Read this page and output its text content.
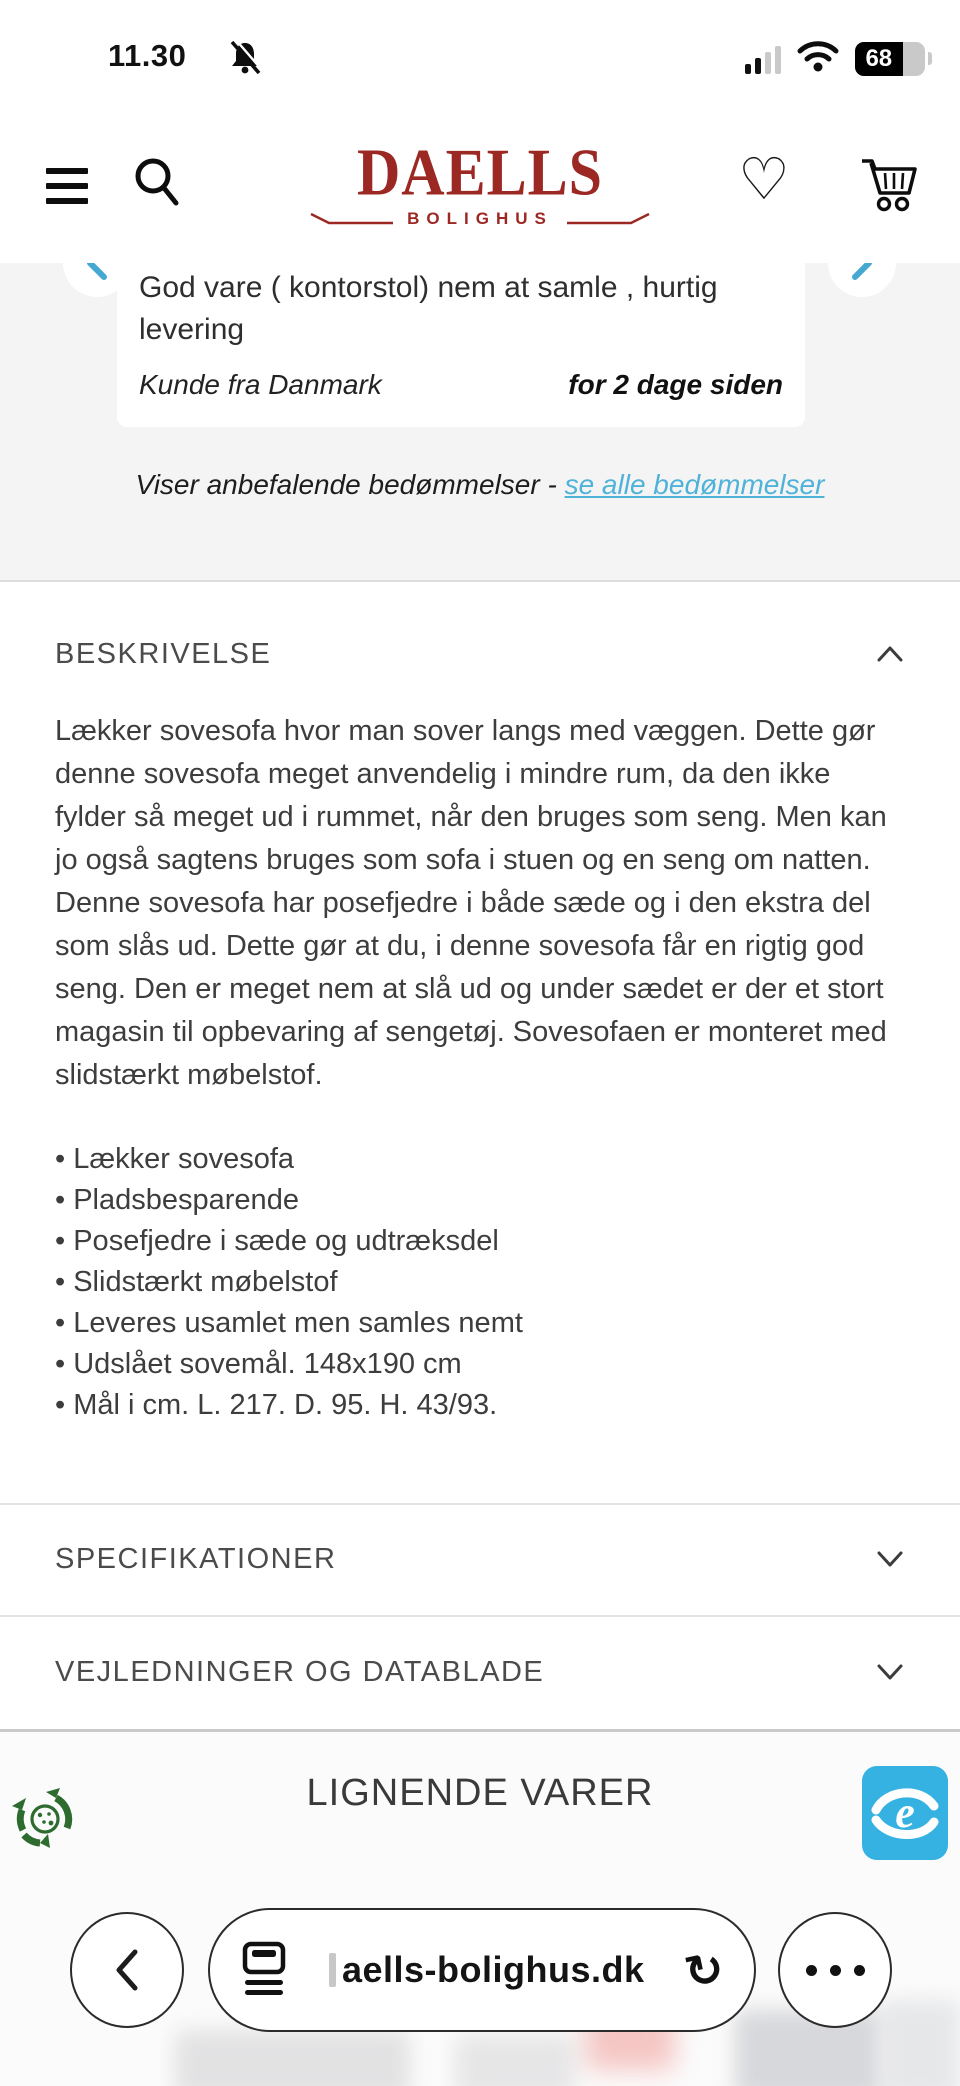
11.30	68
DAELLS
BOLIGHUS
♡
God vare ( kontorstol) nem at samle , hurtig levering
Kunde fra Danmark	for 2 dage siden
Viser anbefalende bedømmelser - se alle bedømmelser
BESKRIVELSE
Lækker sovesofa hvor man sover langs med væggen. Dette gør denne sovesofa meget anvendelig i mindre rum, da den ikke fylder så meget ud i rummet, når den bruges som seng. Men kan jo også sagtens bruges som sofa i stuen og en seng om natten. Denne sovesofa har posefjedre i både sæde og i den ekstra del som slås ud. Dette gør at du, i denne sovesofa får en rigtig god seng. Den er meget nem at slå ud og under sædet er der et stort magasin til opbevaring af sengetøj. Sovesofaen er monteret med slidstærkt møbelstof.
• Lækker sovesofa
• Pladsbesparende
• Posefjedre i sæde og udtræksdel
• Slidstærkt møbelstof
• Leveres usamlet men samles nemt
• Udslået sovemål. 148x190 cm
• Mål i cm. L. 217. D. 95. H. 43/93.
SPECIFIKATIONER
VEJLEDNINGER OG DATABLADE
LIGNENDE VARER	e
aells-bolighus.dk ↻
